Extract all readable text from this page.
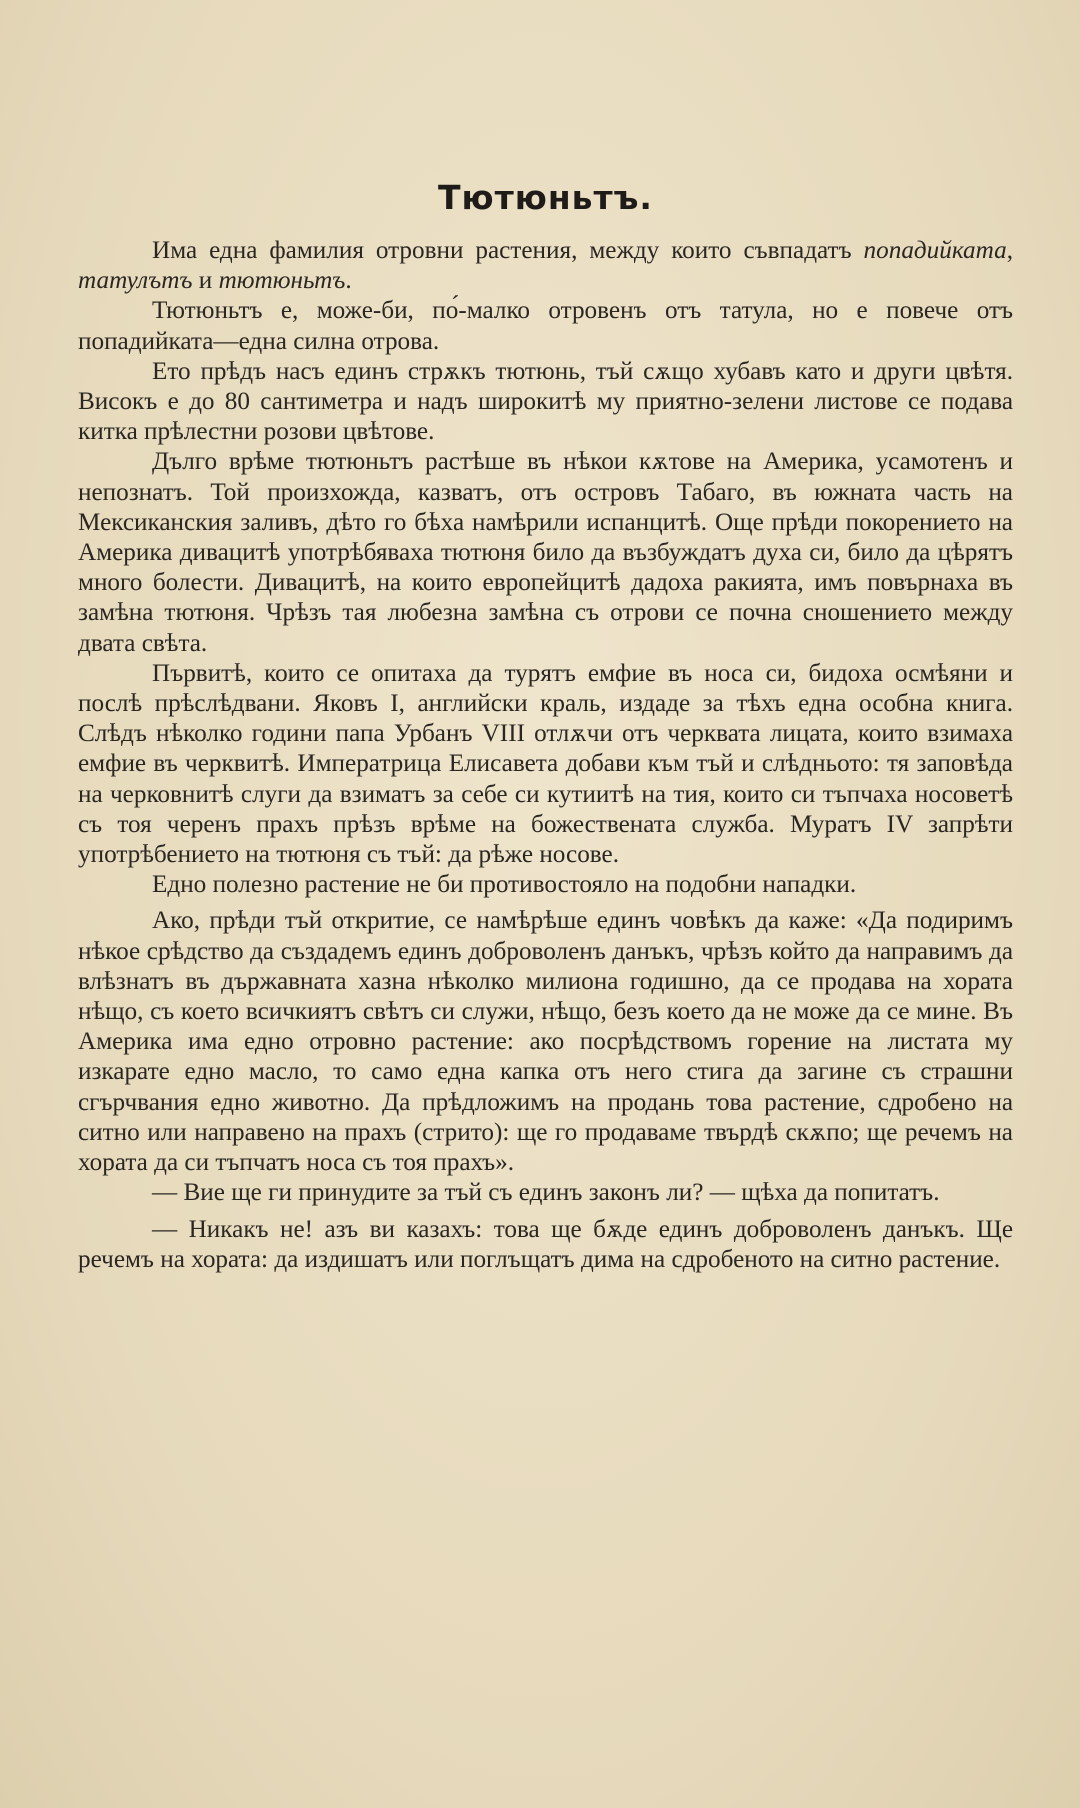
Тютюньтъ.

Има една фамилия отровни растения, между които съвпадатъ попадийката, татулътъ и тютюньтъ.

Тютюньтъ е, може-би, по́-малко отровенъ отъ татула, но е повече отъ попадийката—една силна отрова.

Ето прѣдъ насъ единъ стрѫкъ тютюнь, тъй сѫщо хубавъ като и други цвѣтя. Високъ е до 80 сантиметра и надъ широкитѣ му приятно-зелени листове се подава китка прѣлестни розови цвѣтове.

Дълго врѣме тютюньтъ растѣше въ нѣкои кѫтове на Америка, усамотенъ и непознатъ. Той произхожда, казватъ, отъ островъ Табаго, въ южната часть на Мексиканския заливъ, дѣто го бѣха намѣрили испанцитѣ. Още прѣди покорението на Америка дивацитѣ употрѣбяваха тютюня било да възбуждатъ духа си, било да цѣрятъ много болести. Дивацитѣ, на които европейцитѣ дадоха ракията, имъ повърнаха въ замѣна тютюня. Чрѣзъ тая любезна замѣна съ отрови се почна сношението между двата свѣта.

Първитѣ, които се опитаха да турятъ емфие въ носа си, бидоха осмѣяни и послѣ прѣслѣдвани. Яковъ I, английски краль, издаде за тѣхъ една особна книга. Слѣдъ нѣколко години папа Урбанъ VIII отлѫчи отъ черквата лицата, които взимаха емфие въ черквитѣ. Императрица Елисавета добави към тъй и слѣдньото: тя заповѣда на черковнитѣ слуги да взиматъ за себе си кутиитѣ на тия, които си тъпчаха носоветѣ съ тоя черенъ прахъ прѣзъ врѣме на божествената служба. Муратъ IV запрѣти употрѣбението на тютюня съ тъй: да рѣже носове.

Едно полезно растение не би противостояло на подобни нападки.

Ако, прѣди тъй откритие, се намѣрѣше единъ човѣкъ да каже: «Да подиримъ нѣкое срѣдство да създадемъ единъ доброволенъ данъкъ, чрѣзъ който да направимъ да влѣзнатъ въ държавната хазна нѣколко милиона годишно, да се продава на хората нѣщо, съ което всичкиятъ свѣтъ си служи, нѣщо, безъ което да не може да се мине. Въ Америка има едно отровно растение: ако посрѣдствомъ горение на листата му изкарате едно масло, то само една капка отъ него стига да загине съ страшни сгърчвания едно животно. Да прѣдложимъ на продань това растение, сдробено на ситно или направено на прахъ (стрито): ще го продаваме твърдѣ скѫпо; ще речемъ на хората да си тъпчатъ носа съ тоя прахъ».

— Вие ще ги принудите за тъй съ единъ законъ ли? — щѣха да попитатъ.

— Никакъ не! азъ ви казахъ: това ще бѫде единъ доброволенъ данъкъ. Ще речемъ на хората: да издишатъ или поглъщатъ дима на сдробеното на ситно растение.
